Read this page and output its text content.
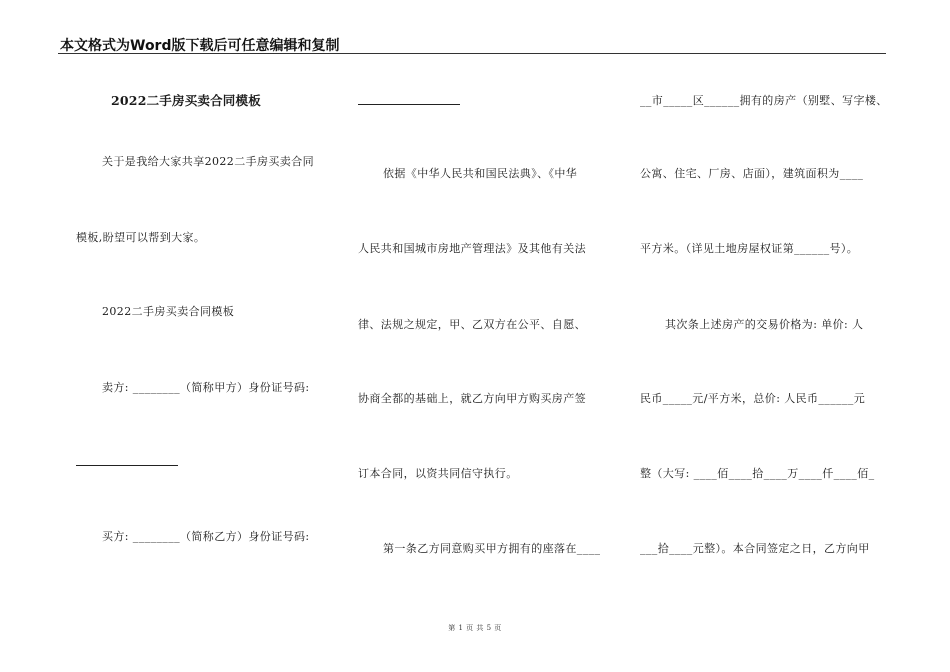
本文格式为Word版下载后可任意编辑和复制
2022二手房买卖合同模板
关于是我给大家共享2022二手房买卖合同
模板,盼望可以帮到大家。
2022二手房买卖合同模板
卖方: ________（简称甲方）身份证号码:
买方: ________（简称乙方）身份证号码:
依据《中华人民共和国民法典》、《中华
人民共和国城市房地产管理法》及其他有关法
律、法规之规定，甲、乙双方在公平、自愿、
协商全都的基础上，就乙方向甲方购买房产签
订本合同，以资共同信守执行。
第一条乙方同意购买甲方拥有的座落在____
__市_____区______拥有的房产（别墅、写字楼、
公寓、住宅、厂房、店面），建筑面积为____
平方米。（详见土地房屋权证第______号）。
其次条上述房产的交易价格为: 单价: 人
民币_____元/平方米，总价: 人民币______元
整（大写: ____佰____拾____万____仟____佰_
___拾____元整）。本合同签定之日，乙方向甲
第 1 页 共 5 页
